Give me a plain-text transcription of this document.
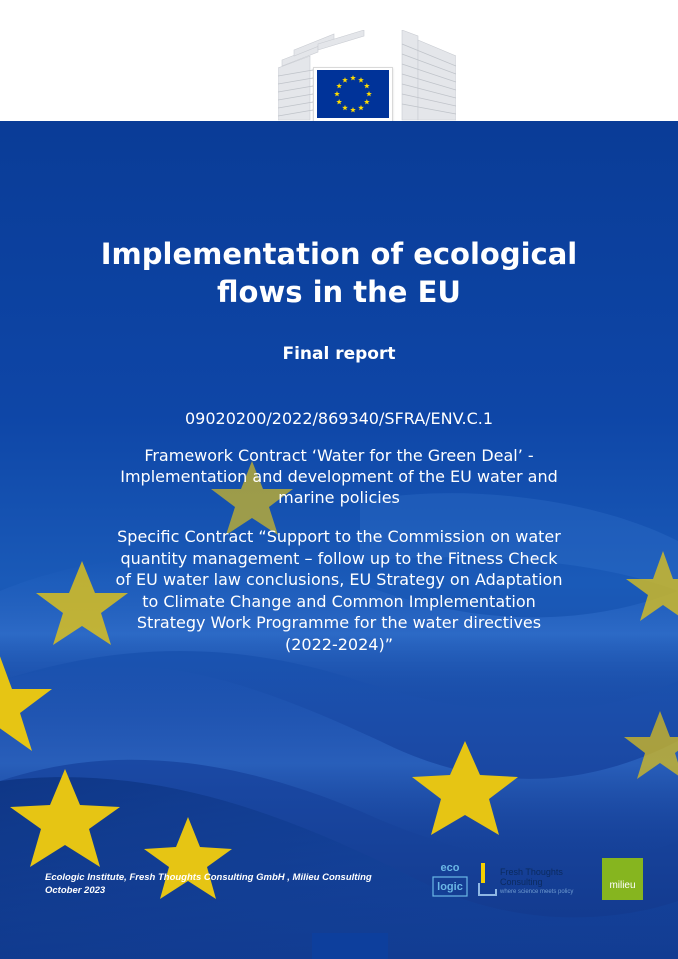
Implementation of ecological
flows in the EU
Final report
09020200/2022/869340/SFRA/ENV.C.1
Framework Contract ‘Water for the Green Deal’ -
Implementation and development of the EU water and
marine policies
Specific Contract “Support to the Commission on water
quantity management – follow up to the Fitness Check
of EU water law conclusions, EU Strategy on Adaptation
to Climate Change and Common Implementation
Strategy Work Programme for the water directives
(2022-2024)”
Ecologic Institute, Fresh Thoughts Consulting GmbH , Milieu Consulting
October 2023
eco
logic
Fresh Thoughts
Consulting
where science meets policy
milieu
